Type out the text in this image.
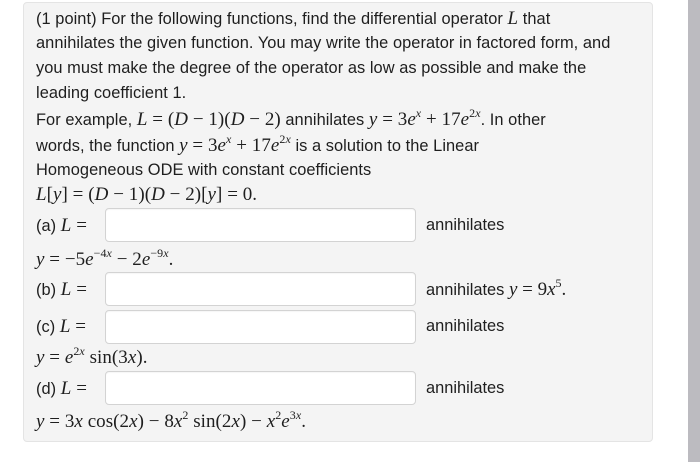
(1 point) For the following functions, find the differential operator L that
annihilates the given function. You may write the operator in factored form, and
you must make the degree of the operator as low as possible and make the
leading coefficient 1.
For example, L = (D − 1)(D − 2) annihilates $y = 3e^x + 17e^{2x}$. In other
words, the function $y = 3e^x + 17e^{2x}$ is a solution to the Linear
Homogeneous ODE with constant coefficients
L[y] = (D − 1)(D − 2)[y] = 0.
(a) L =	annihilates
$y = -5e^{-4x} - 2e^{-9x}$.
(b) L =	annihilates $y = 9x^5$.
(c) L =	annihilates
$y = e^{2x}$ sin(3x).
(d) L =	annihilates
y = 3x $\cos(2x) - 8x^2$ $\sin(2x) - x^2e^{3x}$.
